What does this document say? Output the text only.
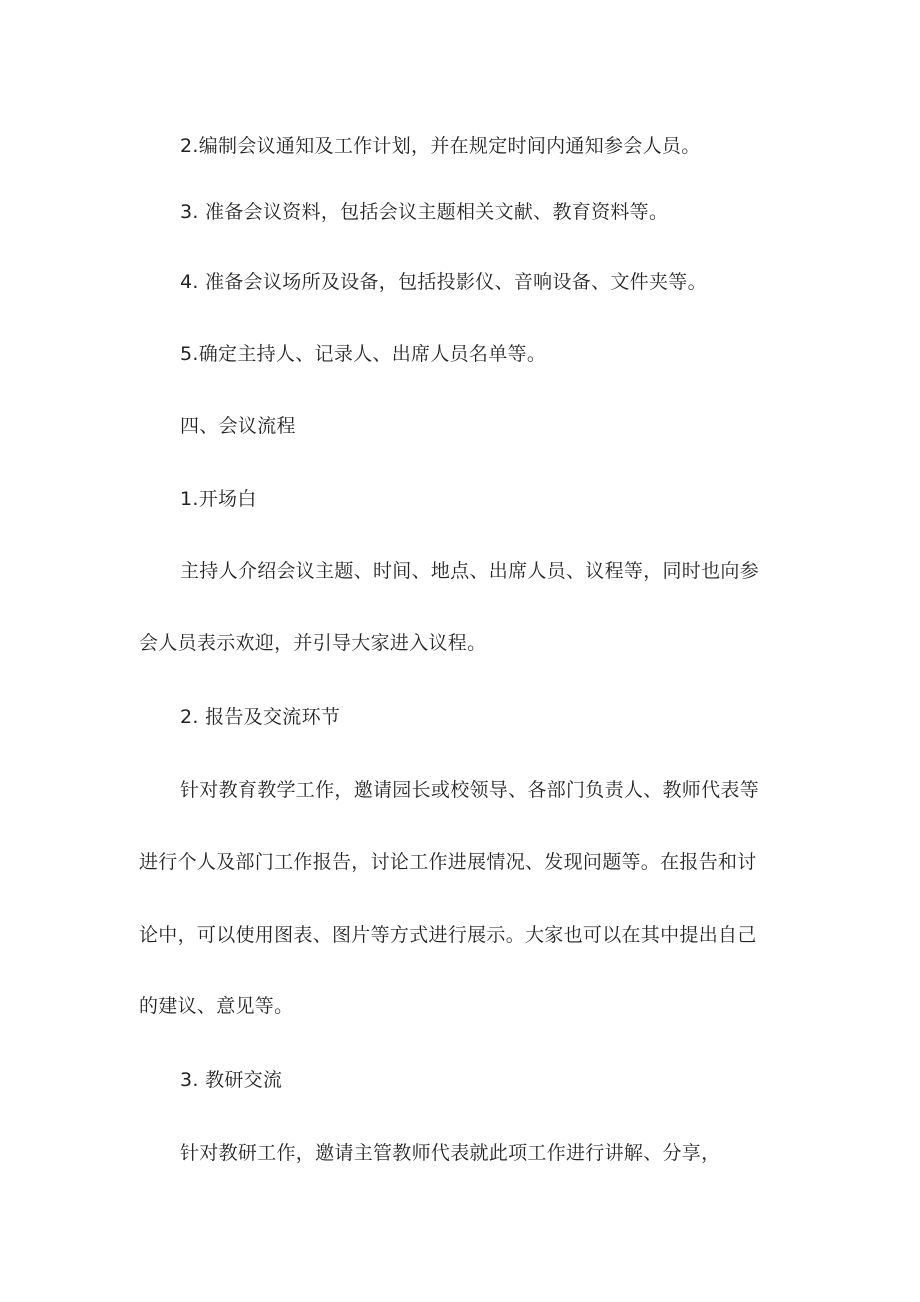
2.编制会议通知及工作计划，并在规定时间内通知参会人员。
3. 准备会议资料，包括会议主题相关文献、教育资料等。
4. 准备会议场所及设备，包括投影仪、音响设备、文件夹等。
5.确定主持人、记录人、出席人员名单等。
四、会议流程
1.开场白
主持人介绍会议主题、时间、地点、出席人员、议程等，同时也向参
会人员表示欢迎，并引导大家进入议程。
2. 报告及交流环节
针对教育教学工作，邀请园长或校领导、各部门负责人、教师代表等
进行个人及部门工作报告，讨论工作进展情况、发现问题等。在报告和讨
论中，可以使用图表、图片等方式进行展示。大家也可以在其中提出自己
的建议、意见等。
3. 教研交流
针对教研工作，邀请主管教师代表就此项工作进行讲解、分享，
